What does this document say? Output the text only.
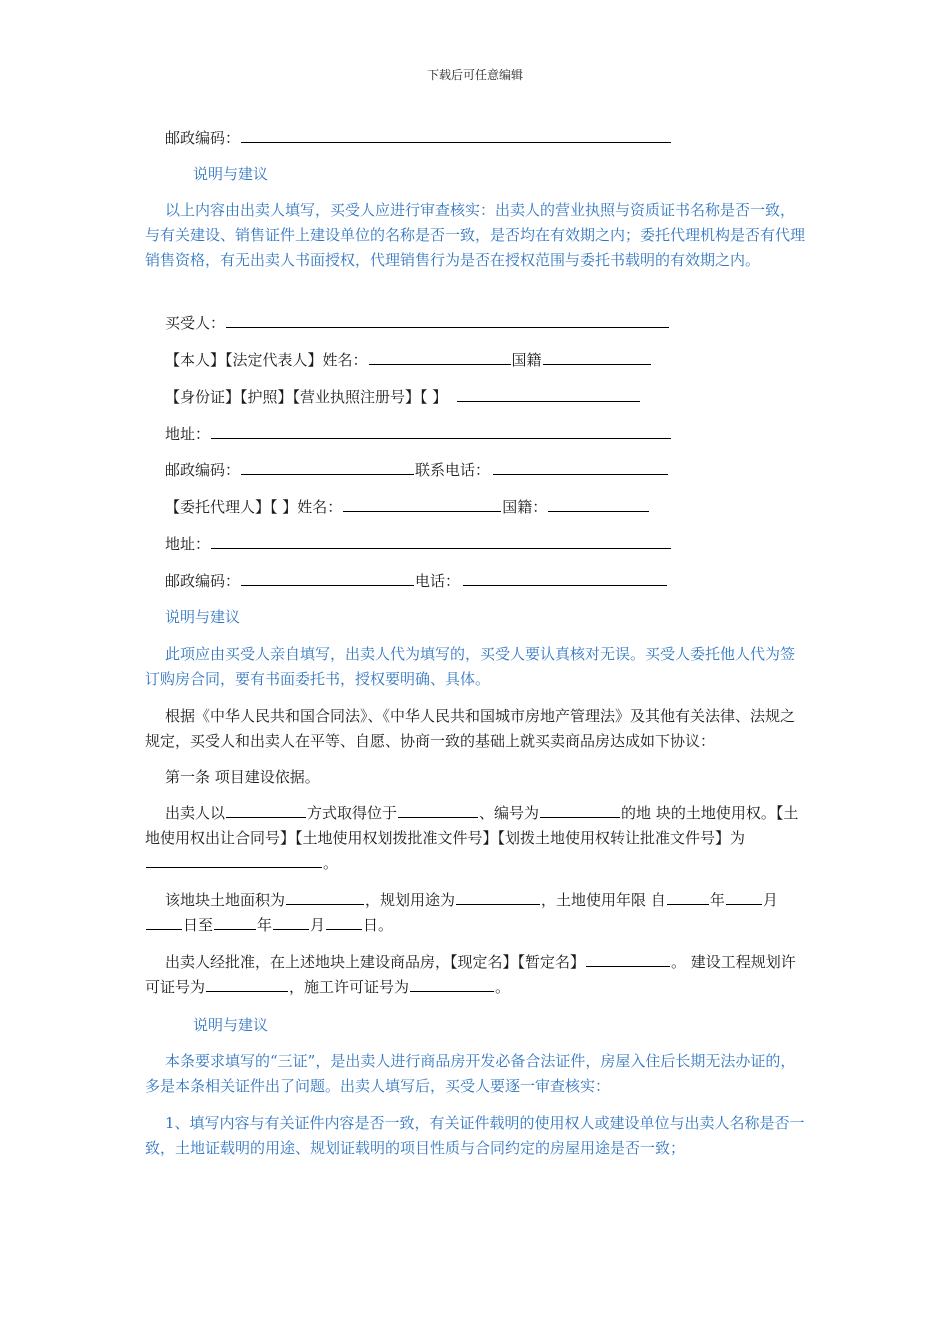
下载后可任意编辑
邮政编码：
说明与建议
以上内容由出卖人填写，买受人应进行审查核实：出卖人的营业执照与资质证书名称是否一致，与有关建设、销售证件上建设单位的名称是否一致，是否均在有效期之内；委托代理机构是否有代理销售资格，有无出卖人书面授权，代理销售行为是否在授权范围与委托书载明的有效期之内。
买受人：
【本人】【法定代表人】姓名：	国籍
【身份证】【护照】【营业执照注册号】【 】
地址：
邮政编码：	联系电话：
【委托代理人】【 】姓名：	国籍：
地址：
邮政编码：	电话：
说明与建议
此项应由买受人亲自填写，出卖人代为填写的，买受人要认真核对无误。买受人委托他人代为签订购房合同，要有书面委托书，授权要明确、具体。
根据《中华人民共和国合同法》、《中华人民共和国城市房地产管理法》及其他有关法律、法规之规定，买受人和出卖人在平等、自愿、协商一致的基础上就买卖商品房达成如下协议：
第一条 项目建设依据。
出卖人以	方式取得位于	、编号为	的地 块的土地使用权。【土地使用权出让合同号】【土地使用权划拨批准文件号】【划拨土地使用权转让批准文件号】为。
该地块土地面积为	，规划用途为	，土地使用年限 自	年	月日至	年	月	日。
出卖人经批准，在上述地块上建设商品房，【现定名】【暂定名】	。 建设工程规划许可证号为	，施工许可证号为	。
说明与建议
本条要求填写的“三证”，是出卖人进行商品房开发必备合法证件，房屋入住后长期无法办证的，多是本条相关证件出了问题。出卖人填写后，买受人要逐一审查核实：
1、填写内容与有关证件内容是否一致，有关证件载明的使用权人或建设单位与出卖人名称是否一致，土地证载明的用途、规划证载明的项目性质与合同约定的房屋用途是否一致；
